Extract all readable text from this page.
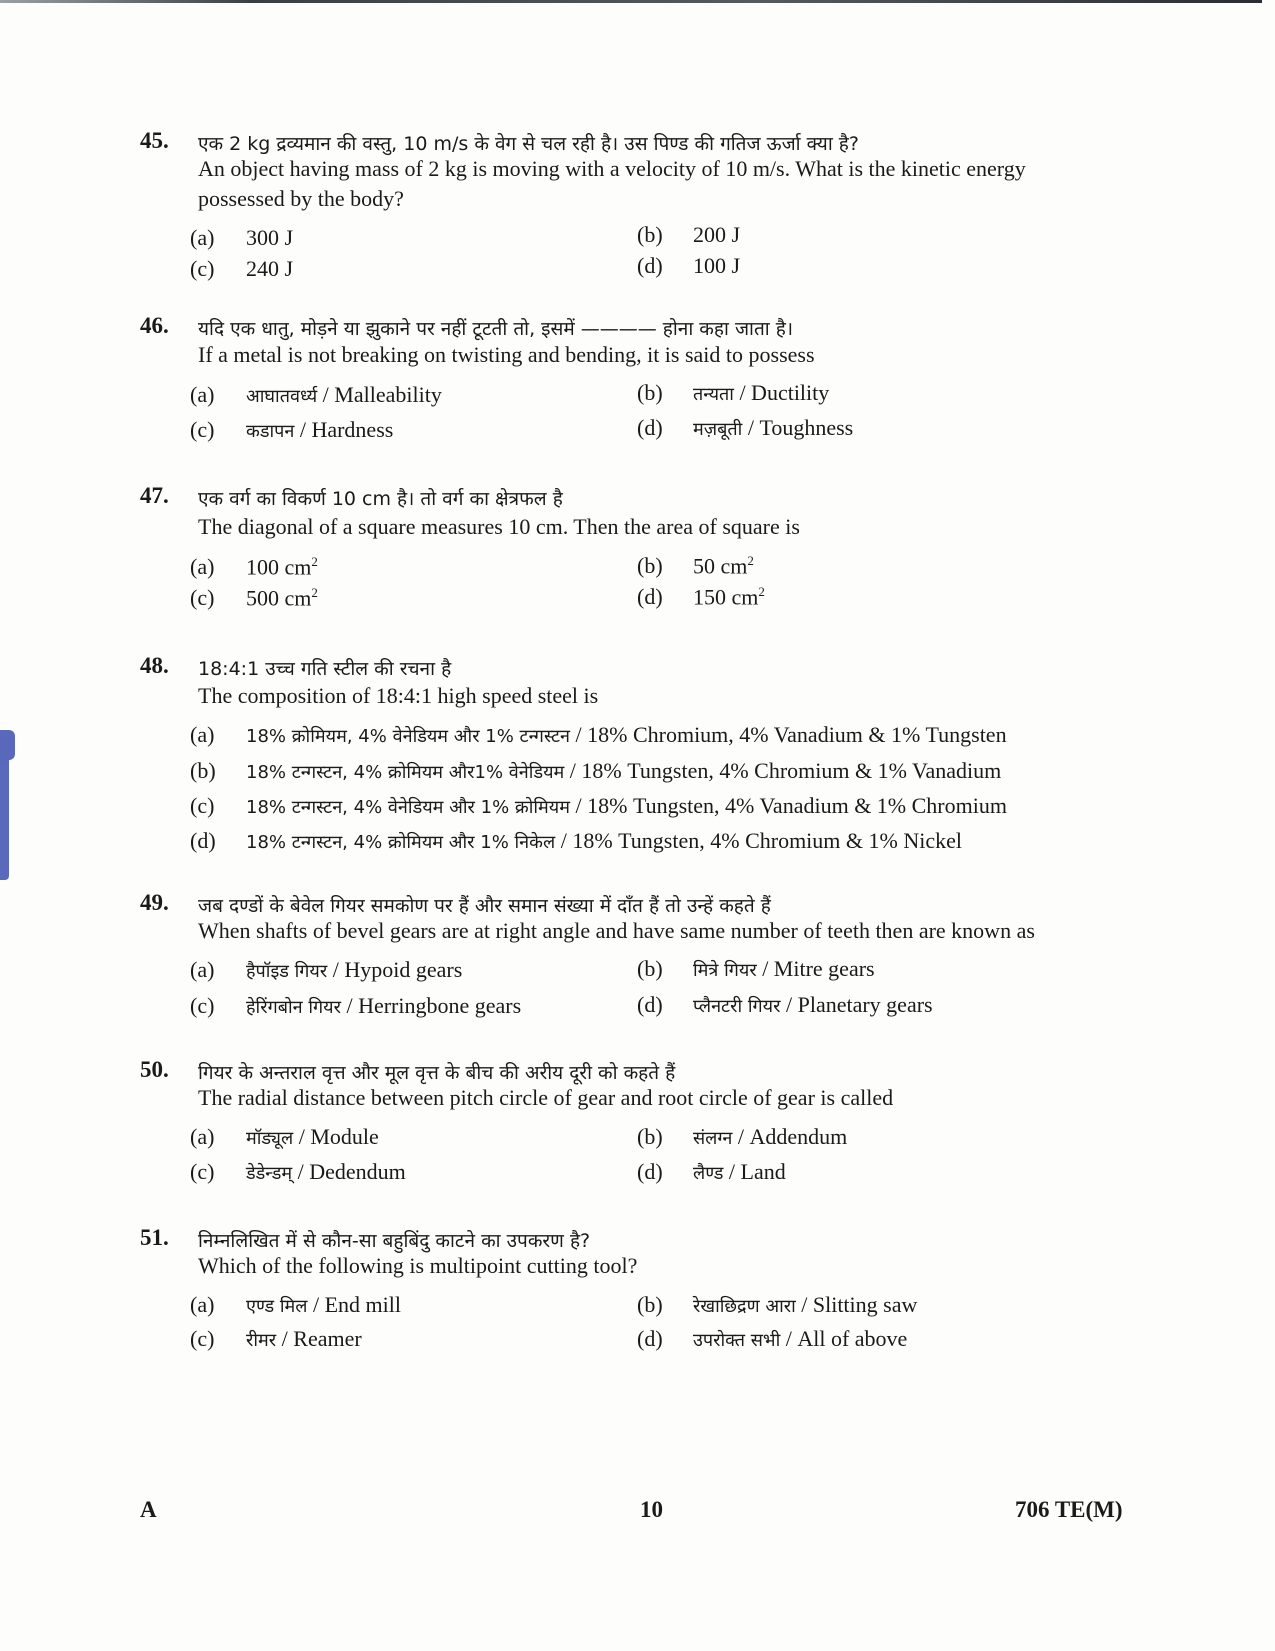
45. एक 2 kg द्रव्यमान की वस्तु, 10 m/s के वेग से चल रही है। उस पिण्ड की गतिज ऊर्जा क्या है?
An object having mass of 2 kg is moving with a velocity of 10 m/s. What is the kinetic energy
possessed by the body?
(a) 300 J	(b) 200 J
(c) 240 J	(d) 100 J
46. यदि एक धातु, मोड़ने या झुकाने पर नहीं टूटती तो, इसमें ———— होना कहा जाता है।
If a metal is not breaking on twisting and bending, it is said to possess
(a) आघातवर्ध्य / Malleability	(b) तन्यता / Ductility
(c) कडापन / Hardness	(d) मज़बूती / Toughness
47. एक वर्ग का विकर्ण 10 cm है। तो वर्ग का क्षेत्रफल है
The diagonal of a square measures 10 cm. Then the area of square is
(a) 100 $cm^2$	(b) 50 $cm^2$
(c) 500 $cm^2$	(d) 150 $cm^2$
48. 18:4:1 उच्च गति स्टील की रचना है
The composition of 18:4:1 high speed steel is
(a) 18% क्रोमियम, 4% वेनेडियम और 1% टन्गस्टन / 18% Chromium, 4% Vanadium & 1% Tungsten
(b) 18% टन्गस्टन, 4% क्रोमियम और1% वेनेडियम / 18% Tungsten, 4% Chromium & 1% Vanadium
(c) 18% टन्गस्टन, 4% वेनेडियम और 1% क्रोमियम / 18% Tungsten, 4% Vanadium & 1% Chromium
(d) 18% टन्गस्टन, 4% क्रोमियम और 1% निकेल / 18% Tungsten, 4% Chromium & 1% Nickel
49. जब दण्डों के बेवेल गियर समकोण पर हैं और समान संख्या में दाँत हैं तो उन्हें कहते हैं
When shafts of bevel gears are at right angle and have same number of teeth then are known as
(a) हैपॉइड गियर / Hypoid gears	(b) मित्रे गियर / Mitre gears
(c) हेरिंगबोन गियर / Herringbone gears	(d) प्लैनटरी गियर / Planetary gears
50. गियर के अन्तराल वृत्त और मूल वृत्त के बीच की अरीय दूरी को कहते हैं
The radial distance between pitch circle of gear and root circle of gear is called
(a) मॉड्यूल / Module	(b) संलग्न / Addendum
(c) डेडेन्डम् / Dedendum	(d) लैण्ड / Land
51. निम्नलिखित में से कौन-सा बहुबिंदु काटने का उपकरण है?
Which of the following is multipoint cutting tool?
(a) एण्ड मिल / End mill	(b) रेखाछिद्रण आरा / Slitting saw
(c) रीमर / Reamer	(d) उपरोक्त सभी / All of above
A	10	706 TE(M)
